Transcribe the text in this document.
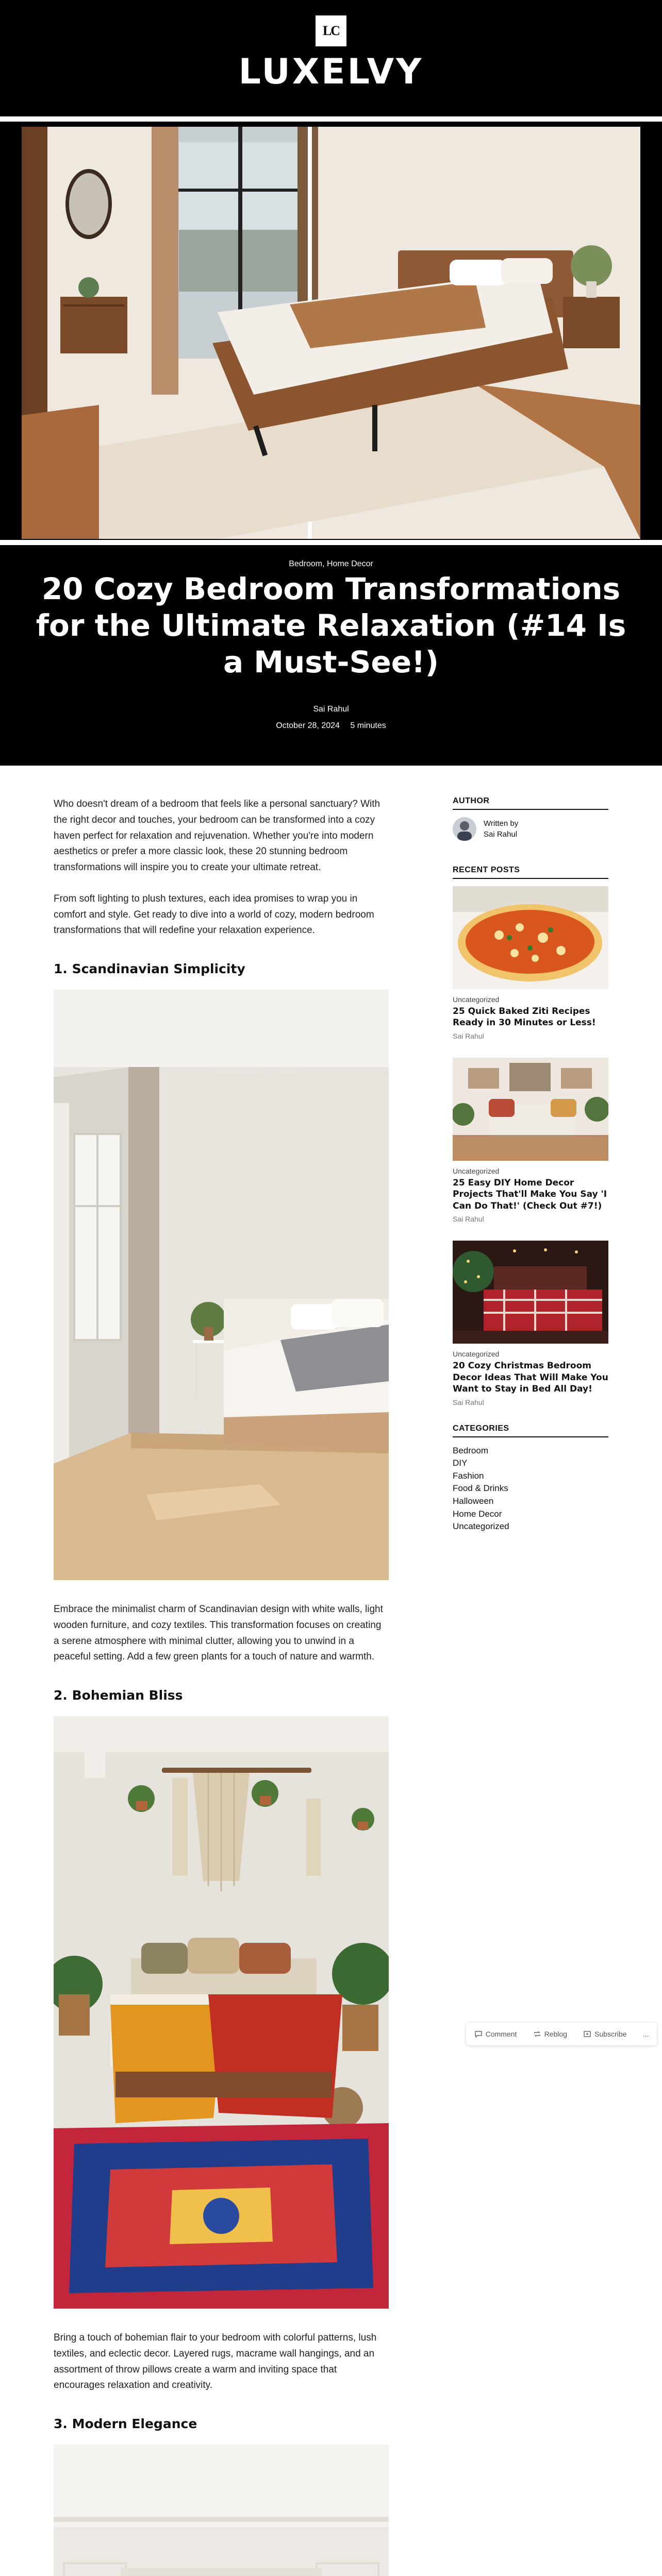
LC
LUXELVY
Bedroom, Home Decor
20 Cozy Bedroom Transformations for the Ultimate Relaxation (#14 Is a Must-See!)
Sai Rahul
October 28, 2024 5 minutes

Who doesn't dream of a bedroom that feels like a personal sanctuary? With the right decor and touches, your bedroom can be transformed into a cozy haven perfect for relaxation and rejuvenation. Whether you're into modern aesthetics or prefer a more classic look, these 20 stunning bedroom transformations will inspire you to create your ultimate retreat.

From soft lighting to plush textures, each idea promises to wrap you in comfort and style. Get ready to dive into a world of cozy, modern bedroom transformations that will redefine your relaxation experience.

1. Scandinavian Simplicity

Embrace the minimalist charm of Scandinavian design with white walls, light wooden furniture, and cozy textiles. This transformation focuses on creating a serene atmosphere with minimal clutter, allowing you to unwind in a peaceful setting. Add a few green plants for a touch of nature and warmth.

2. Bohemian Bliss

Bring a touch of bohemian flair to your bedroom with colorful patterns, lush textiles, and eclectic decor. Layered rugs, macrame wall hangings, and an assortment of throw pillows create a warm and inviting space that encourages relaxation and creativity.

3. Modern Elegance
AUTHOR
Written by
Sai Rahul
RECENT POSTS
Uncategorized
25 Quick Baked Ziti Recipes Ready in 30 Minutes or Less!
Sai Rahul
Uncategorized
25 Easy DIY Home Decor Projects That'll Make You Say 'I Can Do That!' (Check Out #7!)
Sai Rahul
Uncategorized
20 Cozy Christmas Bedroom Decor Ideas That Will Make You Want to Stay in Bed All Day!
Sai Rahul
CATEGORIES
Bedroom
DIY
Fashion
Food & Drinks
Halloween
Home Decor
Uncategorized
Comment	Reblog	Subscribe ...
